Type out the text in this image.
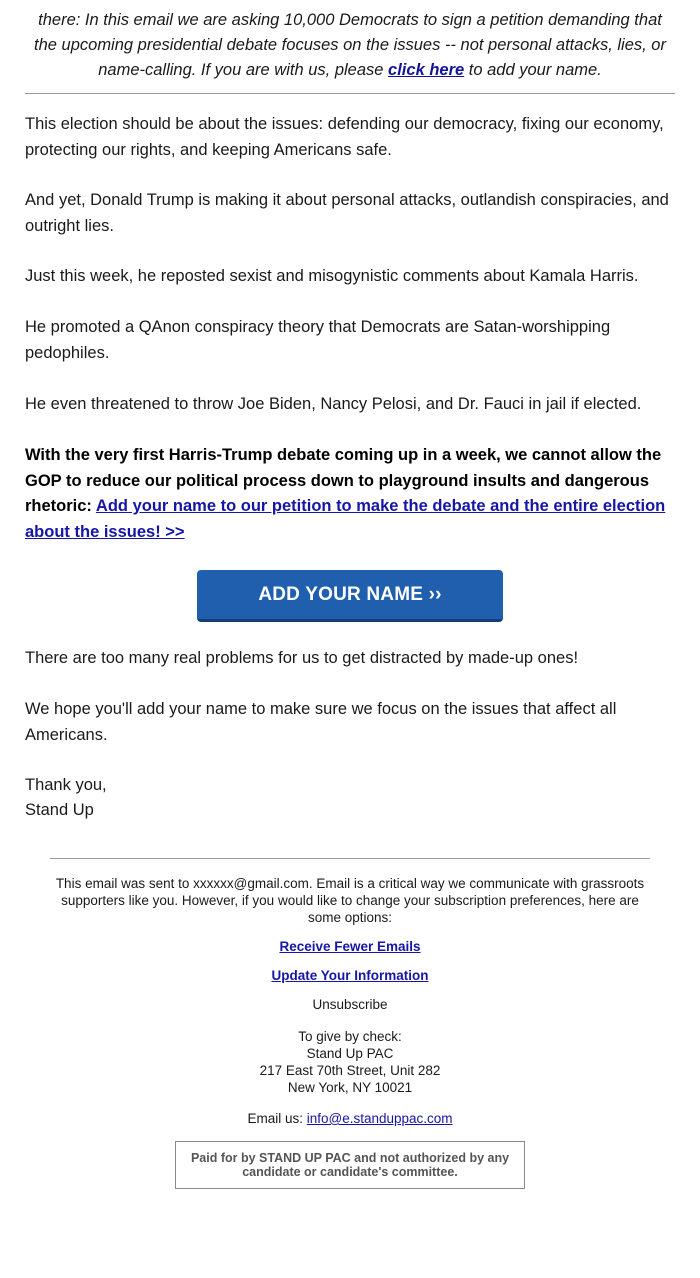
there: In this email we are asking 10,000 Democrats to sign a petition demanding that the upcoming presidential debate focuses on the issues -- not personal attacks, lies, or name-calling. If you are with us, please click here to add your name.

This election should be about the issues: defending our democracy, fixing our economy, protecting our rights, and keeping Americans safe.

And yet, Donald Trump is making it about personal attacks, outlandish conspiracies, and outright lies.

Just this week, he reposted sexist and misogynistic comments about Kamala Harris.

He promoted a QAnon conspiracy theory that Democrats are Satan-worshipping pedophiles.

He even threatened to throw Joe Biden, Nancy Pelosi, and Dr. Fauci in jail if elected.

With the very first Harris-Trump debate coming up in a week, we cannot allow the GOP to reduce our political process down to playground insults and dangerous rhetoric: Add your name to our petition to make the debate and the entire election about the issues! >>

ADD YOUR NAME ››

There are too many real problems for us to get distracted by made-up ones!

We hope you'll add your name to make sure we focus on the issues that affect all Americans.

Thank you,

Stand Up

This email was sent to xxxxxx@gmail.com. Email is a critical way we communicate with grassroots supporters like you. However, if you would like to change your subscription preferences, here are some options:
Receive Fewer Emails
Update Your Information
Unsubscribe
To give by check:
Stand Up PAC
217 East 70th Street, Unit 282
New York, NY 10021
Email us: info@e.standuppac.com
Paid for by STAND UP PAC and not authorized by any candidate or candidate's committee.
